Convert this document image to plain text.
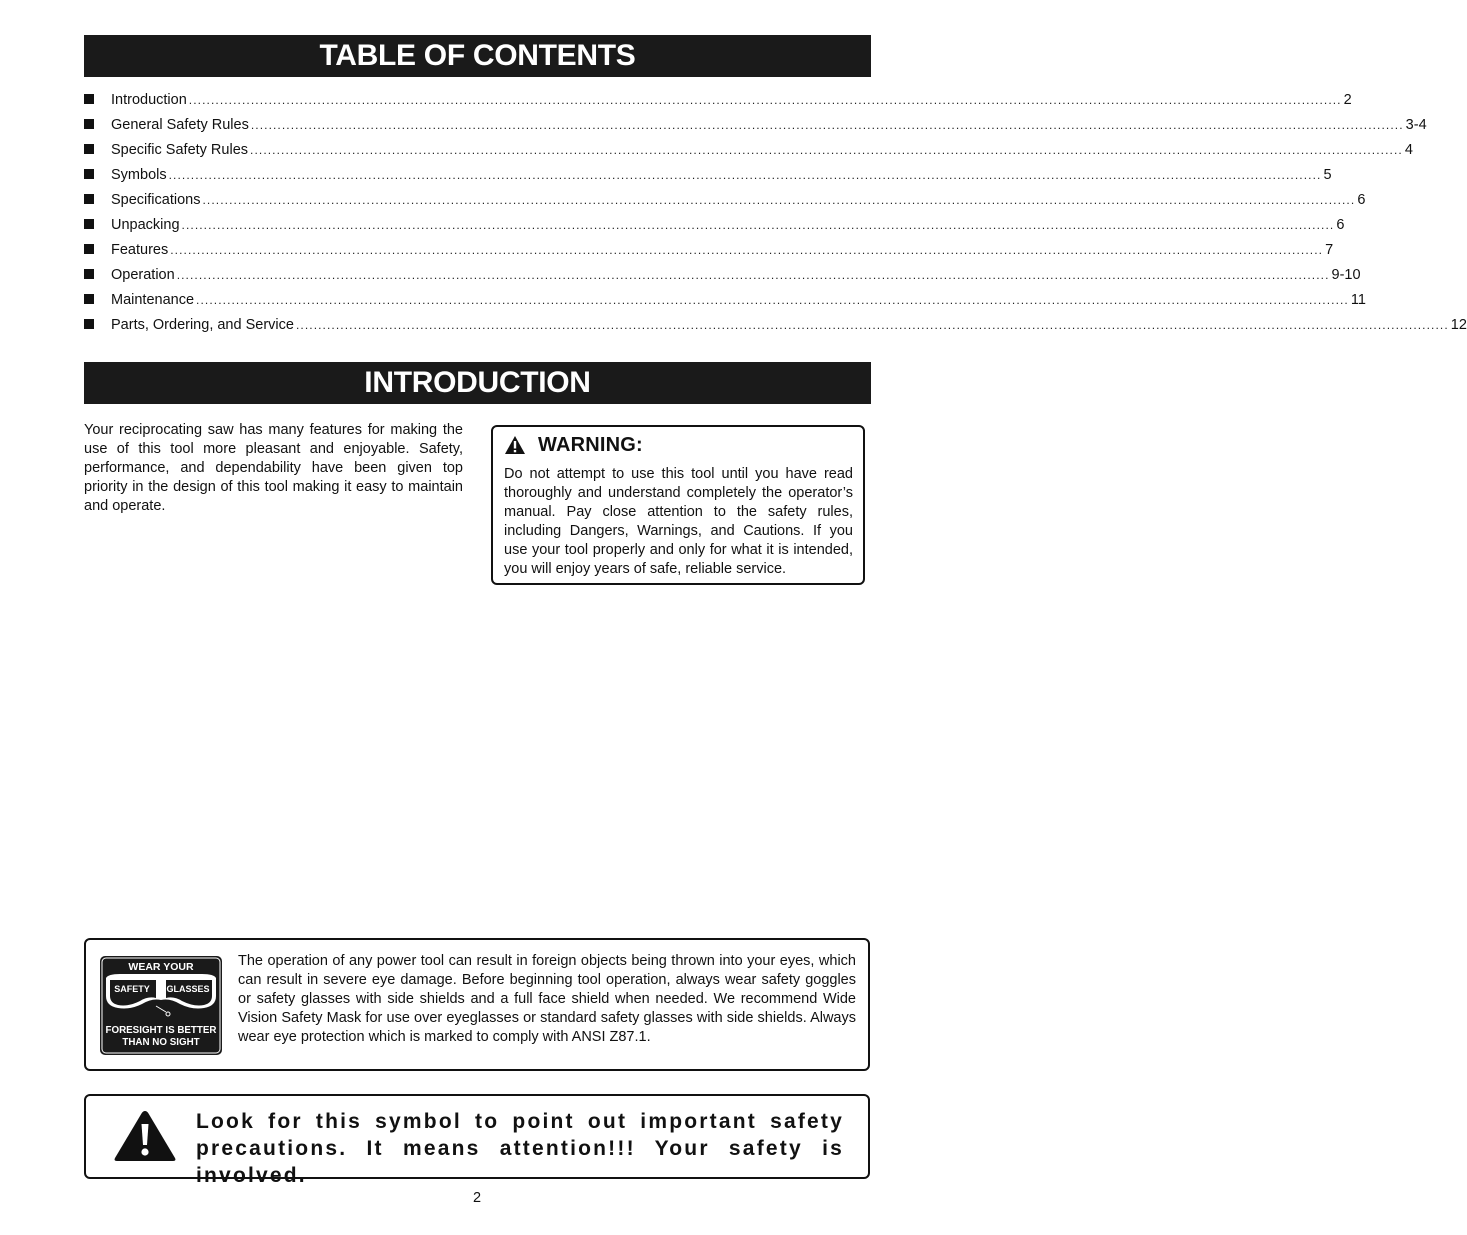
TABLE OF CONTENTS
Introduction .................................................................................................................................................................................................................................................................... 2
General Safety Rules .................................................................................................................................................................................................................................................................... 3-4
Specific Safety Rules .................................................................................................................................................................................................................................................................... 4
Symbols .................................................................................................................................................................................................................................................................... 5
Specifications .................................................................................................................................................................................................................................................................... 6
Unpacking .................................................................................................................................................................................................................................................................... 6
Features .................................................................................................................................................................................................................................................................... 7
Operation .................................................................................................................................................................................................................................................................... 9-10
Maintenance .................................................................................................................................................................................................................................................................... 11
Parts, Ordering, and Service .................................................................................................................................................................................................................................................................... 12
INTRODUCTION
Your reciprocating saw has many features for making the use of this tool more pleasant and enjoyable. Safety, performance, and dependability have been given top priority in the design of this tool making it easy to maintain and operate.
WARNING:
Do not attempt to use this tool until you have read thoroughly and understand completely the operator’s manual. Pay close attention to the safety rules, including Dangers, Warnings, and Cautions. If you use your tool properly and only for what it is intended, you will enjoy years of safe, reliable service.
WEAR YOUR
SAFETY GLASSES
FORESIGHT IS BETTER
THAN NO SIGHT
The operation of any power tool can result in foreign objects being thrown into your eyes, which can result in severe eye damage. Before beginning tool operation, always wear safety goggles or safety glasses with side shields and a full face shield when needed. We recommend Wide Vision Safety Mask for use over eyeglasses or standard safety glasses with side shields. Always wear eye protection which is marked to comply with ANSI Z87.1.
Look for this symbol to point out important safety precautions. It means attention!!! Your safety is involved.
2
